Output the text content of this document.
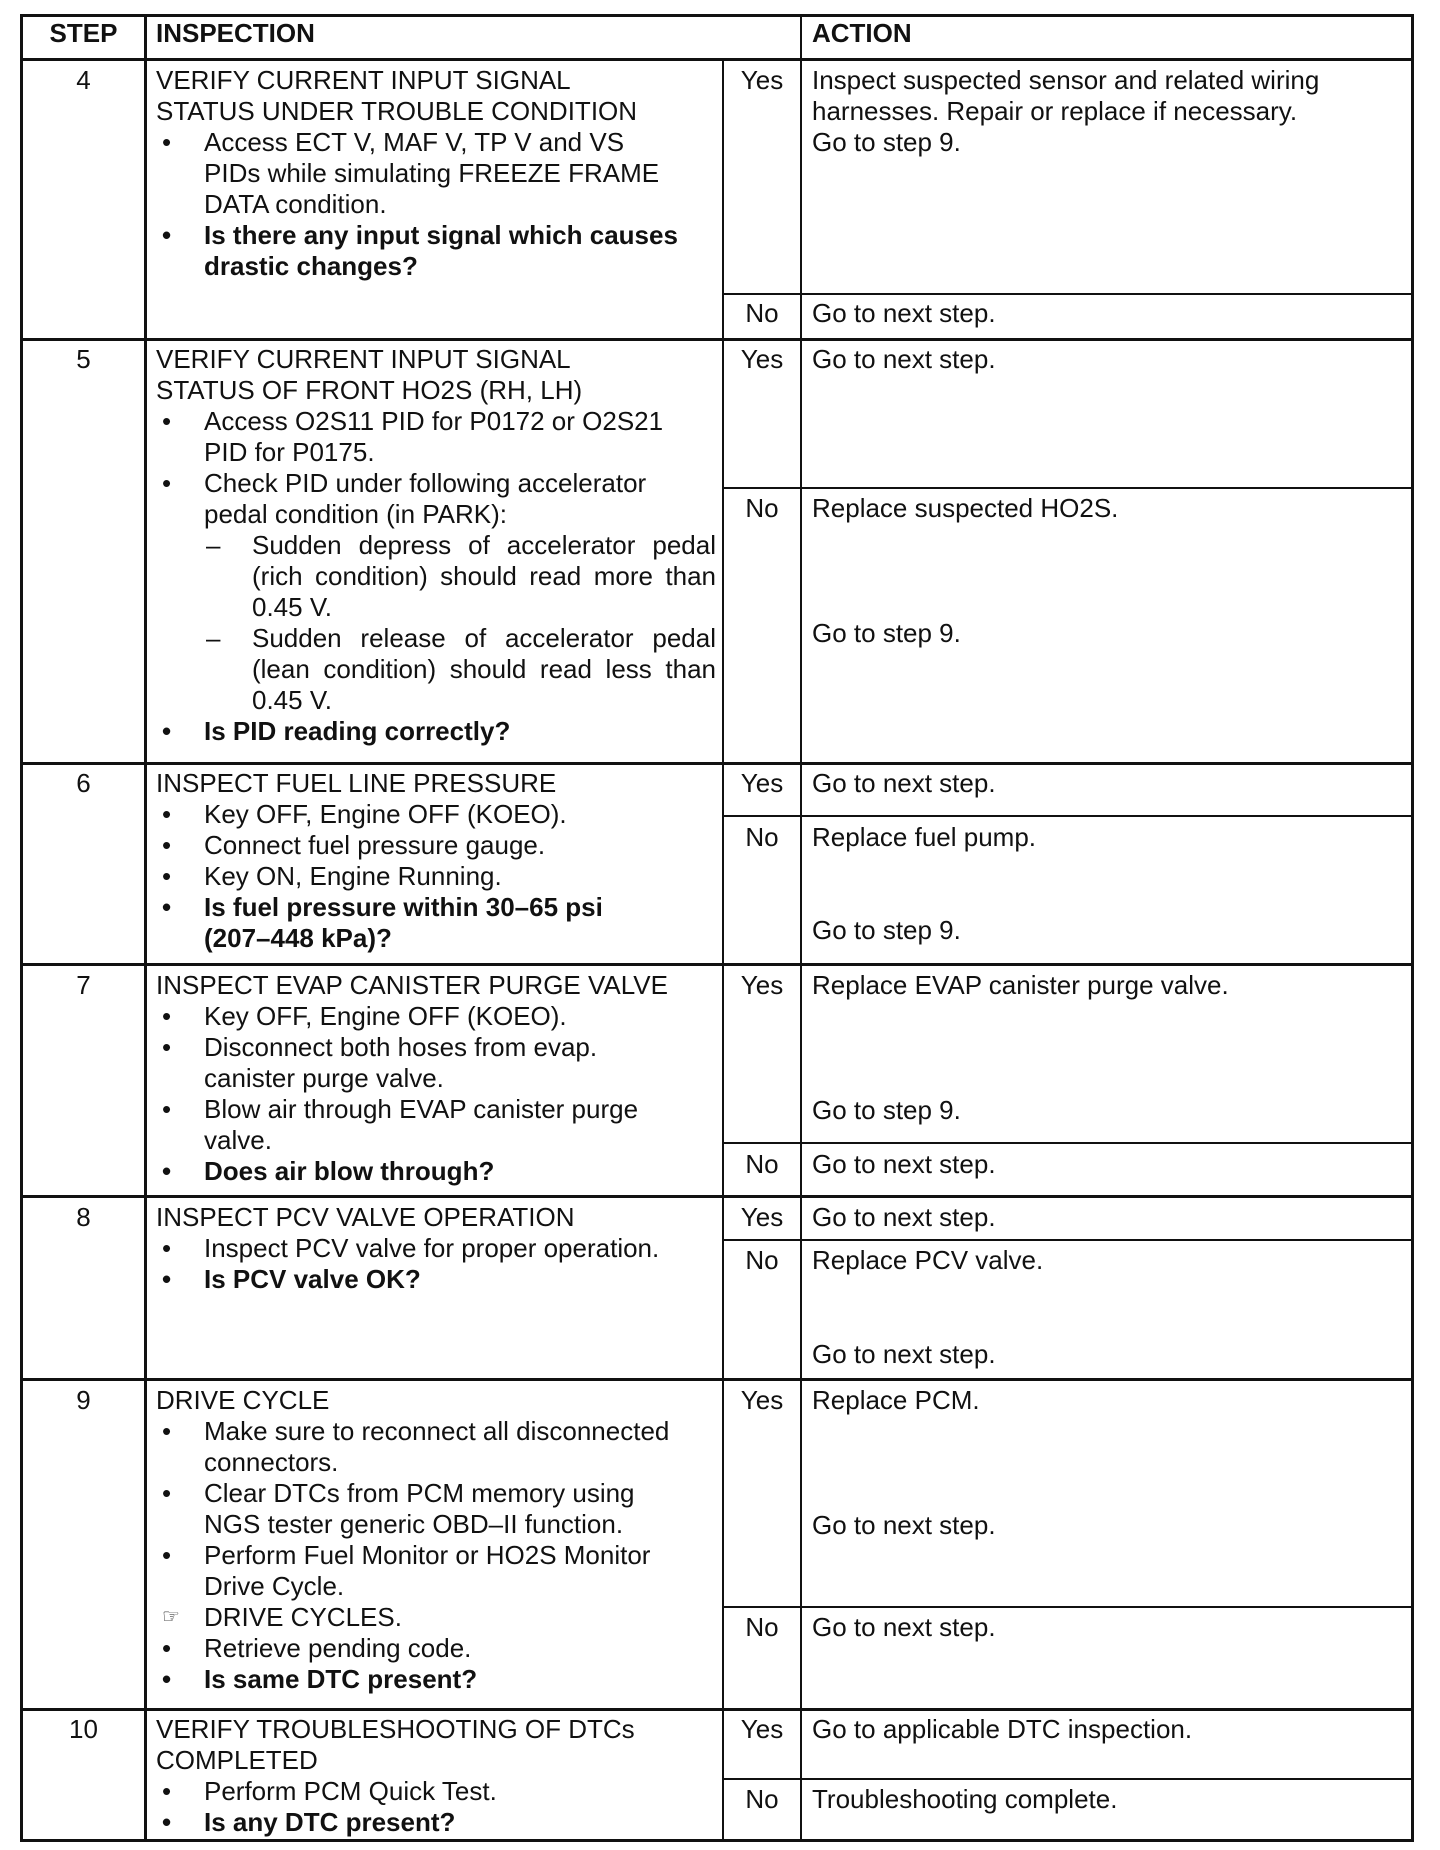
STEP	INSPECTION	ACTION
4	VERIFY CURRENT INPUT SIGNAL
STATUS UNDER TROUBLE CONDITION
•	Access ECT V, MAF V, TP V and VS
PIDs while simulating FREEZE FRAME
DATA condition.
•	Is there any input signal which causes
drastic changes?
Yes	Inspect suspected sensor and related wiring
harnesses. Repair or replace if necessary.
Go to step 9.
No	Go to next step.
5	VERIFY CURRENT INPUT SIGNAL
STATUS OF FRONT HO2S (RH, LH)
•	Access O2S11 PID for P0172 or O2S21
PID for P0175.
•	Check PID under following accelerator
pedal condition (in PARK):
–	Sudden depress of accelerator pedal (rich condition) should read more than 0.45 V.
–	Sudden release of accelerator pedal (lean condition) should read less than 0.45 V.
•	Is PID reading correctly?
Yes	Go to next step.
No	Replace suspected HO2S.
Go to step 9.
6	INSPECT FUEL LINE PRESSURE
•	Key OFF, Engine OFF (KOEO).
•	Connect fuel pressure gauge.
•	Key ON, Engine Running.
•	Is fuel pressure within 30–65 psi
(207–448 kPa)?
Yes	Go to next step.
No	Replace fuel pump.
Go to step 9.
7	INSPECT EVAP CANISTER PURGE VALVE
•	Key OFF, Engine OFF (KOEO).
•	Disconnect both hoses from evap.
canister purge valve.
•	Blow air through EVAP canister purge
valve.
•	Does air blow through?
Yes	Replace EVAP canister purge valve.
Go to step 9.
No	Go to next step.
8	INSPECT PCV VALVE OPERATION
•	Inspect PCV valve for proper operation.
•	Is PCV valve OK?
Yes	Go to next step.
No	Replace PCV valve.
Go to next step.
9	DRIVE CYCLE
•	Make sure to reconnect all disconnected
connectors.
•	Clear DTCs from PCM memory using
NGS tester generic OBD–II function.
•	Perform Fuel Monitor or HO2S Monitor
Drive Cycle.
☞ DRIVE CYCLES.
•	Retrieve pending code.
•	Is same DTC present?
Yes	Replace PCM.
Go to next step.
No	Go to next step.
10	VERIFY TROUBLESHOOTING OF DTCs
COMPLETED
•	Perform PCM Quick Test.
•	Is any DTC present?
Yes	Go to applicable DTC inspection.
No	Troubleshooting complete.
